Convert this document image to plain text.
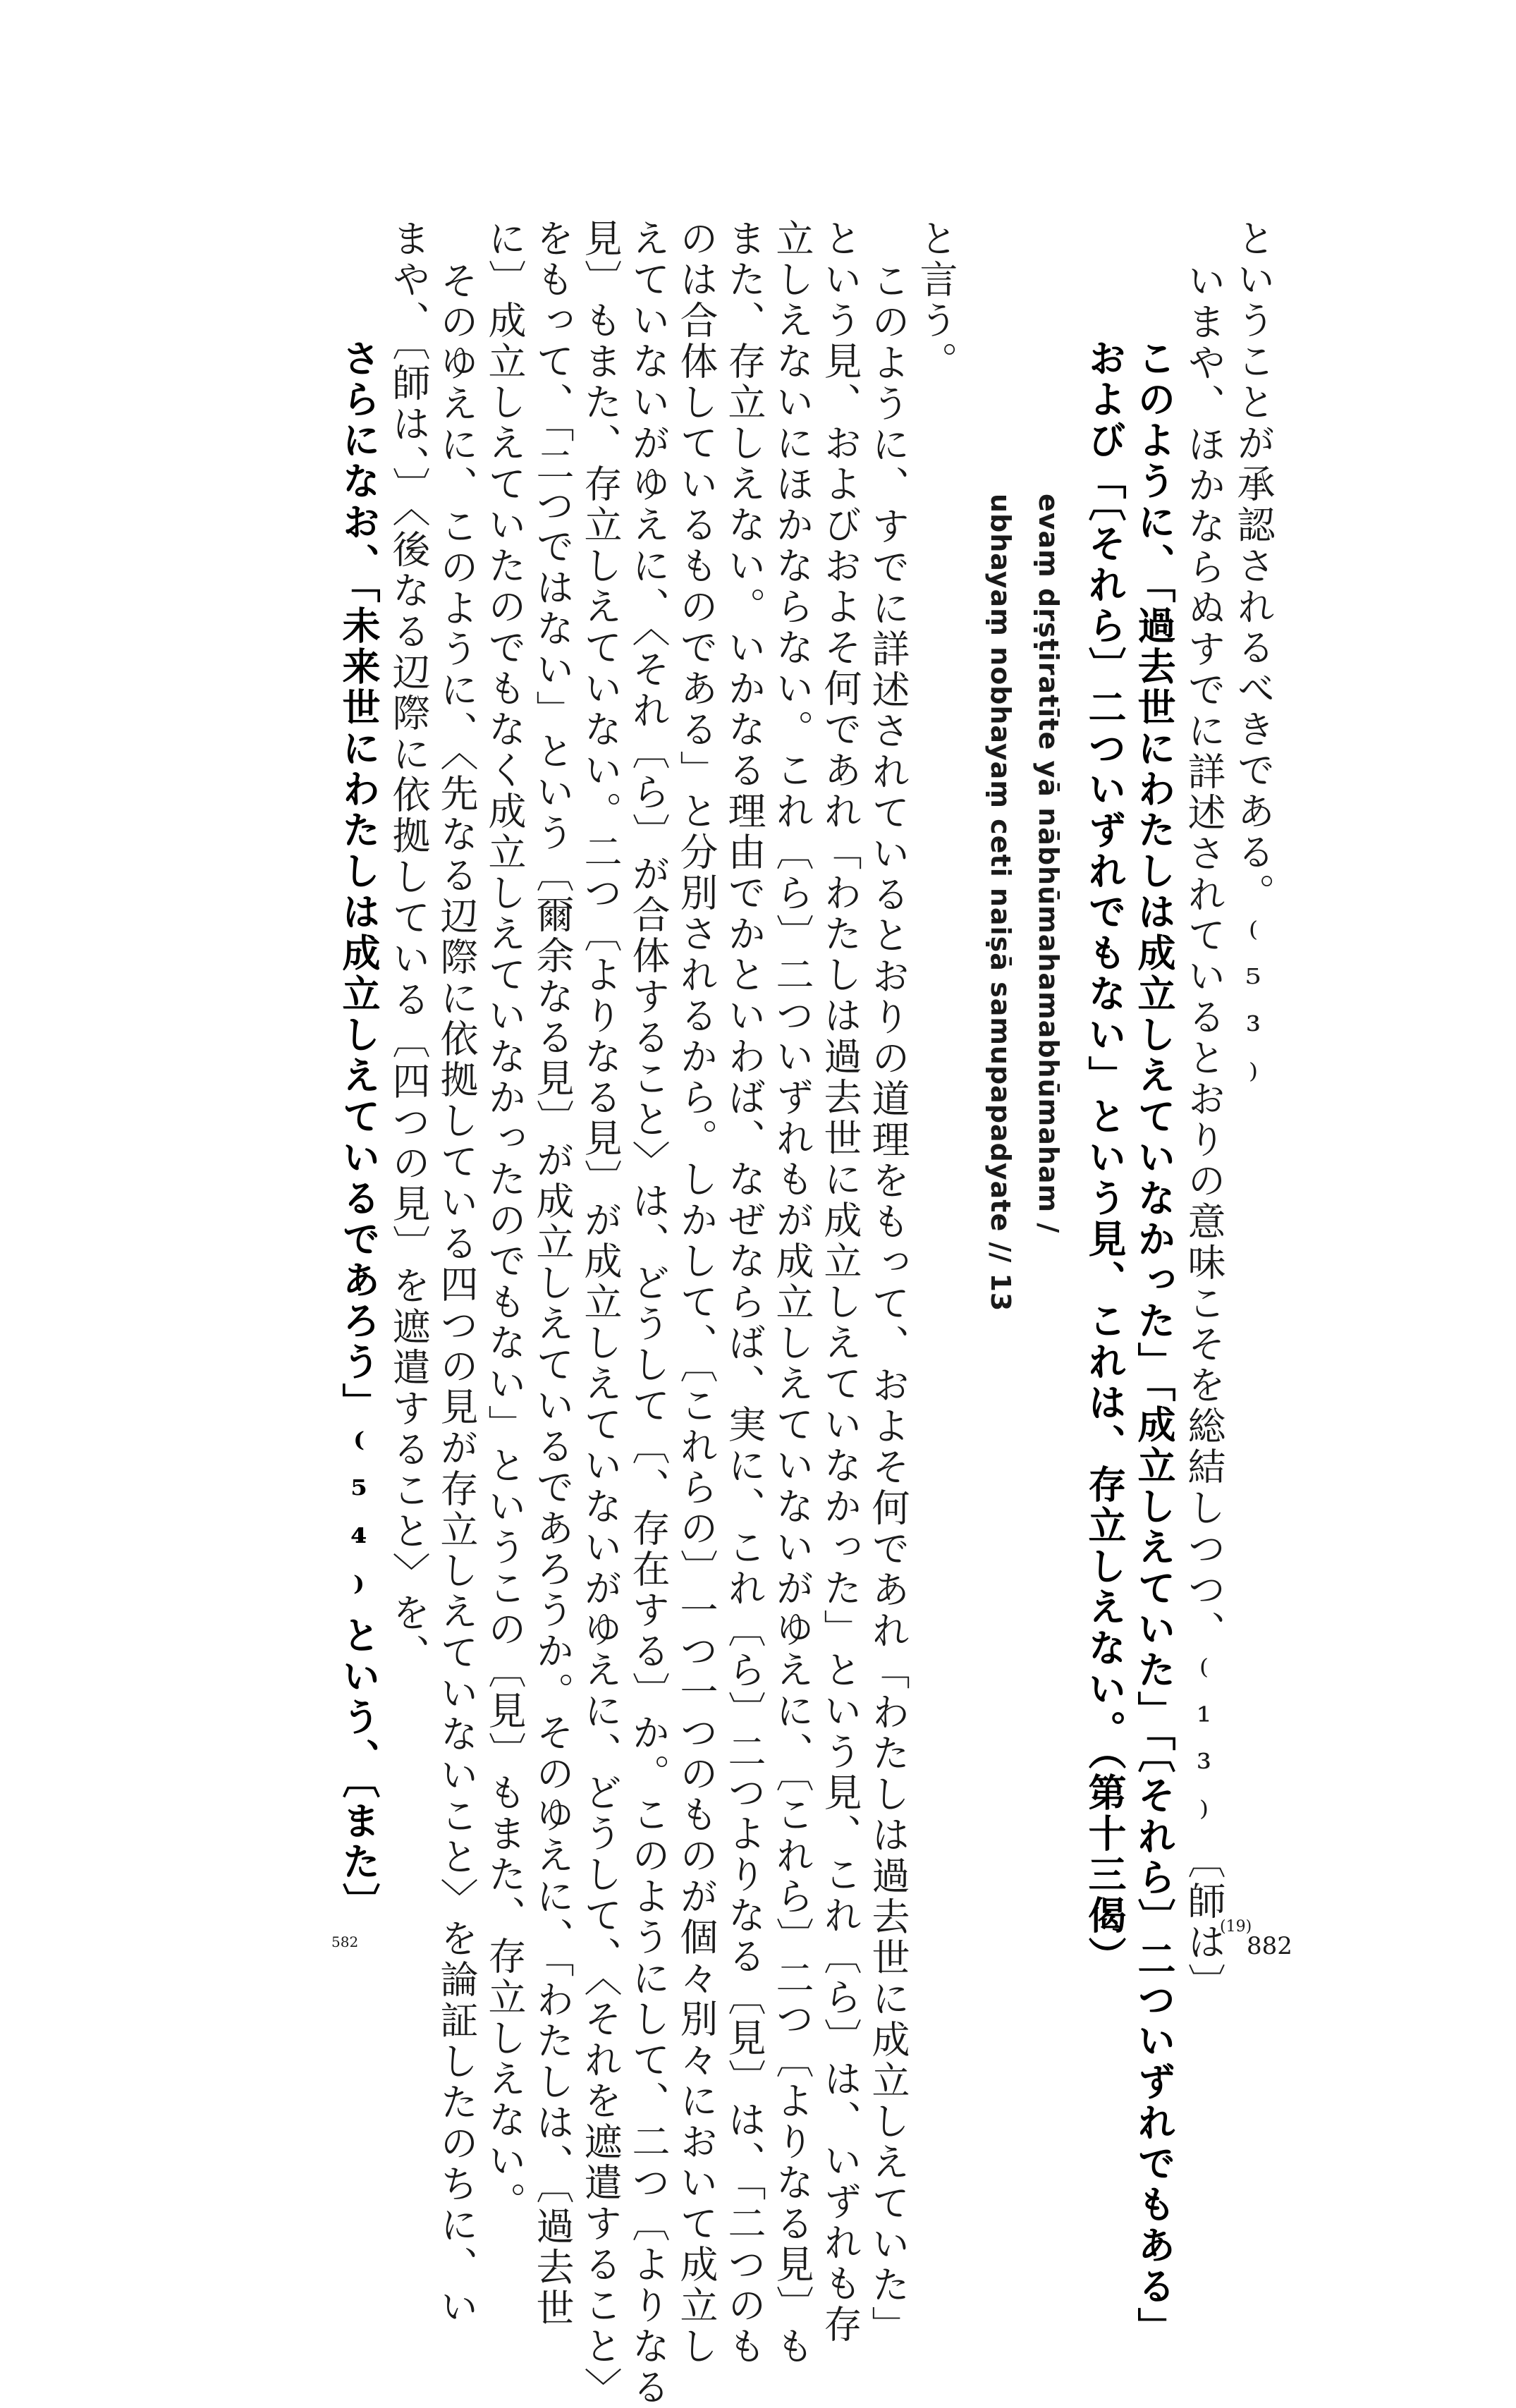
ということが承認されるべきである。⁽⁵³⁾
いまや、ほかならぬすでに詳述されているとおりの意味こそを総結しつつ、⁽¹³⁾〔師は〕
このように、「過去世にわたしは成立しえていなかった」「成立しえていた」「〔それら〕二ついずれでもある」
および「〔それら〕二ついずれでもない」という見、これは、存立しえない。（第十三偈）
evaṃ dṛṣṭiratīte yā nābhūmahamabhūmaham /
ubhayaṃ nobhayaṃ ceti naiṣā samupapadyate // 13
と言う。
このように、すでに詳述されているとおりの道理をもって、およそ何であれ「わたしは過去世に成立しえていた」
という見、およびおよそ何であれ「わたしは過去世に成立しえていなかった」という見、これ〔ら〕は、いずれも存
立しえないにほかならない。これ〔ら〕二ついずれもが成立しえていないがゆえに、〔これら〕二つ〔よりなる見〕も
また、存立しえない。いかなる理由でかといわば、なぜならば、実に、これ〔ら〕二つよりなる〔見〕は、「二つのも
のは合体しているものである」と分別されるから。しかして、〔これらの〕一つ一つのものが個々別々において成立し
えていないがゆえに、〈それ〔ら〕が合体すること〉は、どうして〔、存在する〕か。このようにして、二つ〔よりなる
見〕もまた、存立しえていない。二つ〔よりなる見〕が成立しえていないがゆえに、どうして、〈それを遮遣すること〉
をもって、「二つではない」という〔爾余なる見〕が成立しえているであろうか。そのゆえに、「わたしは、〔過去世
に〕成立しえていたのでもなく成立しえていなかったのでもない」というこの〔見〕もまた、存立しえない。
そのゆえに、このように、〈先なる辺際に依拠している四つの見が存立しえていないこと〉を論証したのちに、い
まや、〔師は、〕〈後なる辺際に依拠している〔四つの見〕を遮遣すること〉を、
さらになお、「未来世にわたしは成立しえているであろう」⁽⁵⁴⁾という、〔また〕
(19)
882
582
